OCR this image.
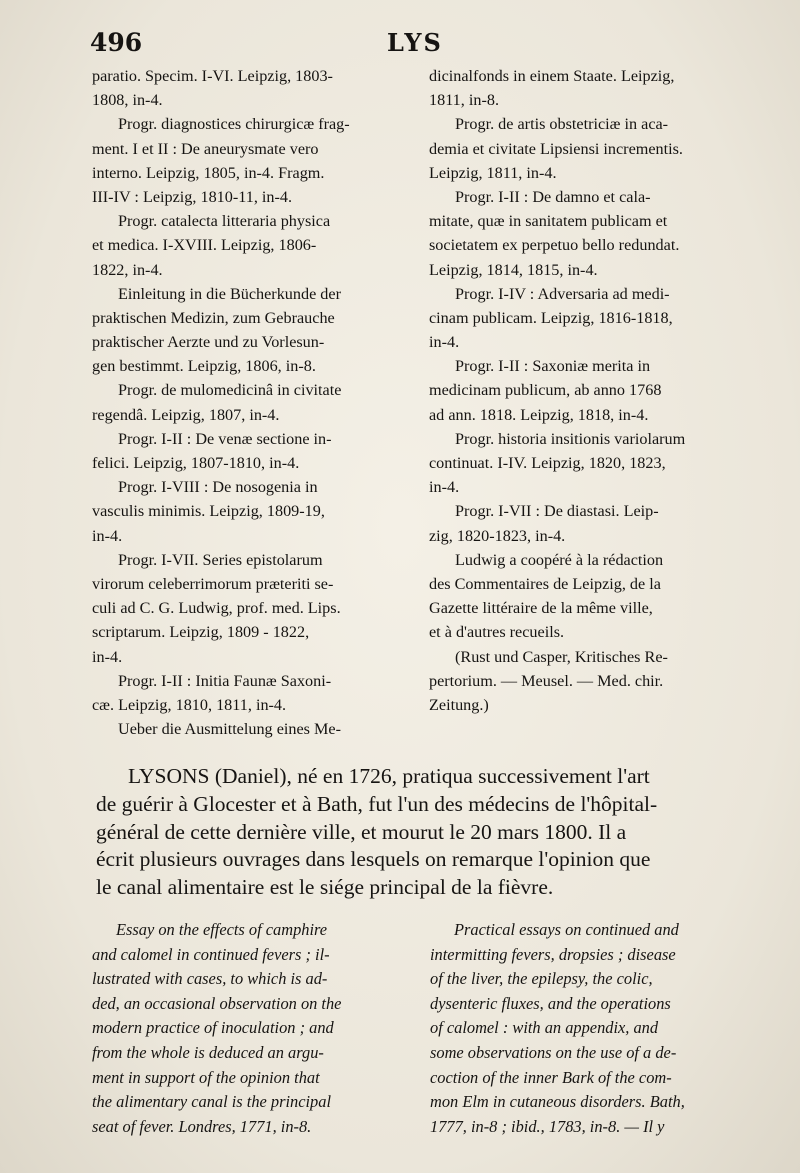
496	LYS
paratio. Specim. I-VI. Leipzig, 1803-
1808, in-4.
Progr. diagnostices chirurgicæ frag-
ment. I et II : De aneurysmate vero
interno. Leipzig, 1805, in-4. Fragm.
III-IV : Leipzig, 1810-11, in-4.
Progr. catalecta litteraria physica
et medica. I-XVIII. Leipzig, 1806-
1822, in-4.
Einleitung in die Bücherkunde der
praktischen Medizin, zum Gebrauche
praktischer Aerzte und zu Vorlesun-
gen bestimmt. Leipzig, 1806, in-8.
Progr. de mulomedicinâ in civitate
regendâ. Leipzig, 1807, in-4.
Progr. I-II : De venæ sectione in-
felici. Leipzig, 1807-1810, in-4.
Progr. I-VIII : De nosogenia in
vasculis minimis. Leipzig, 1809-19,
in-4.
Progr. I-VII. Series epistolarum
virorum celeberrimorum præteriti se-
culi ad C. G. Ludwig, prof. med. Lips.
scriptarum. Leipzig, 1809 - 1822,
in-4.
Progr. I-II : Initia Faunæ Saxoni-
cæ. Leipzig, 1810, 1811, in-4.
Ueber die Ausmittelung eines Me-
dicinalfonds in einem Staate. Leipzig,
1811, in-8.
Progr. de artis obstetriciæ in aca-
demia et civitate Lipsiensi incrementis.
Leipzig, 1811, in-4.
Progr. I-II : De damno et cala-
mitate, quæ in sanitatem publicam et
societatem ex perpetuo bello redundat.
Leipzig, 1814, 1815, in-4.
Progr. I-IV : Adversaria ad medi-
cinam publicam. Leipzig, 1816-1818,
in-4.
Progr. I-II : Saxoniæ merita in
medicinam publicum, ab anno 1768
ad ann. 1818. Leipzig, 1818, in-4.
Progr. historia insitionis variolarum
continuat. I-IV. Leipzig, 1820, 1823,
in-4.
Progr. I-VII : De diastasi. Leip-
zig, 1820-1823, in-4.
Ludwig a coopéré à la rédaction
des Commentaires de Leipzig, de la
Gazette littéraire de la même ville,
et à d'autres recueils.
(Rust und Casper, Kritisches Re-
pertorium. — Meusel. — Med. chir.
Zeitung.)
LYSONS (Daniel), né en 1726, pratiqua successivement l'art
de guérir à Glocester et à Bath, fut l'un des médecins de l'hôpital-
général de cette dernière ville, et mourut le 20 mars 1800. Il a
écrit plusieurs ouvrages dans lesquels on remarque l'opinion que
le canal alimentaire est le siége principal de la fièvre.
Essay on the effects of camphire
and calomel in continued fevers ; il-
lustrated with cases, to which is ad-
ded, an occasional observation on the
modern practice of inoculation ; and
from the whole is deduced an argu-
ment in support of the opinion that
the alimentary canal is the principal
seat of fever. Londres, 1771, in-8.
Practical essays on continued and
intermitting fevers, dropsies ; disease
of the liver, the epilepsy, the colic,
dysenteric fluxes, and the operations
of calomel : with an appendix, and
some observations on the use of a de-
coction of the inner Bark of the com-
mon Elm in cutaneous disorders. Bath,
1777, in-8 ; ibid., 1783, in-8. — Il y
